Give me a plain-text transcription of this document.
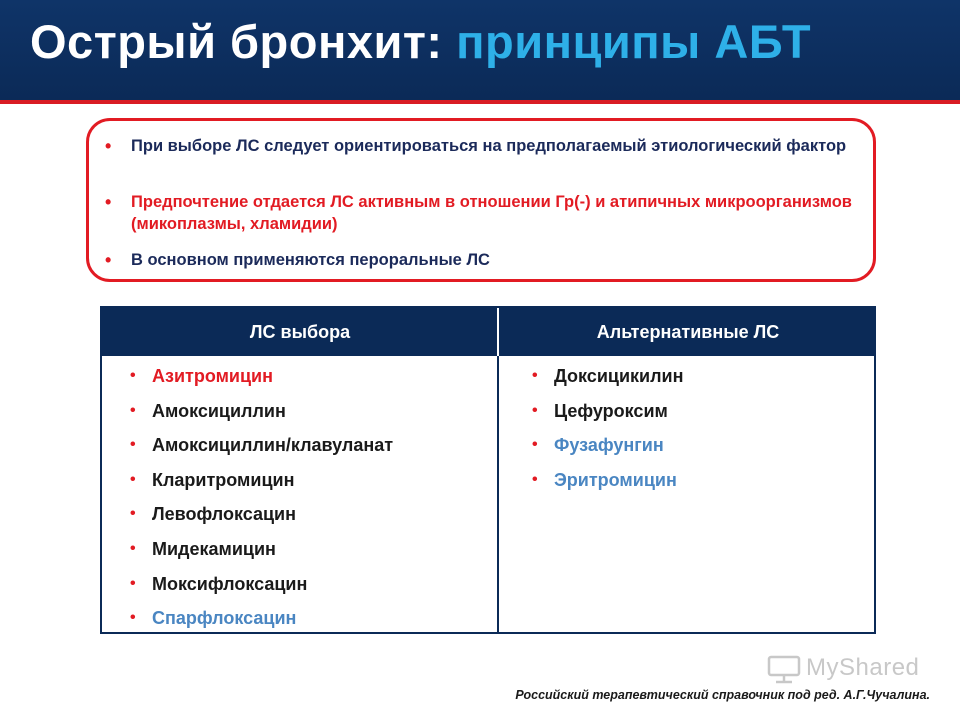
Острый бронхит: принципы АБТ
• При выборе ЛС следует ориентироваться на предполагаемый этиологический фактор
• Предпочтение отдается ЛС активным в отношении Гр(-) и атипичных микроорганизмов (микоплазмы, хламидии)
• В основном применяются пероральные ЛС
ЛС выбора	Альтернативные ЛС
• Азитромицин
• Амоксициллин
• Амоксициллин/клавуланат
• Кларитромицин
• Левофлоксацин
• Мидекамицин
• Моксифлоксацин
• Спарфлоксацин
• Доксицикилин
• Цефуроксим
• Фузафунгин
• Эритромицин
MyShared

Российский терапевтический справочник под ред. А.Г.Чучалина.
